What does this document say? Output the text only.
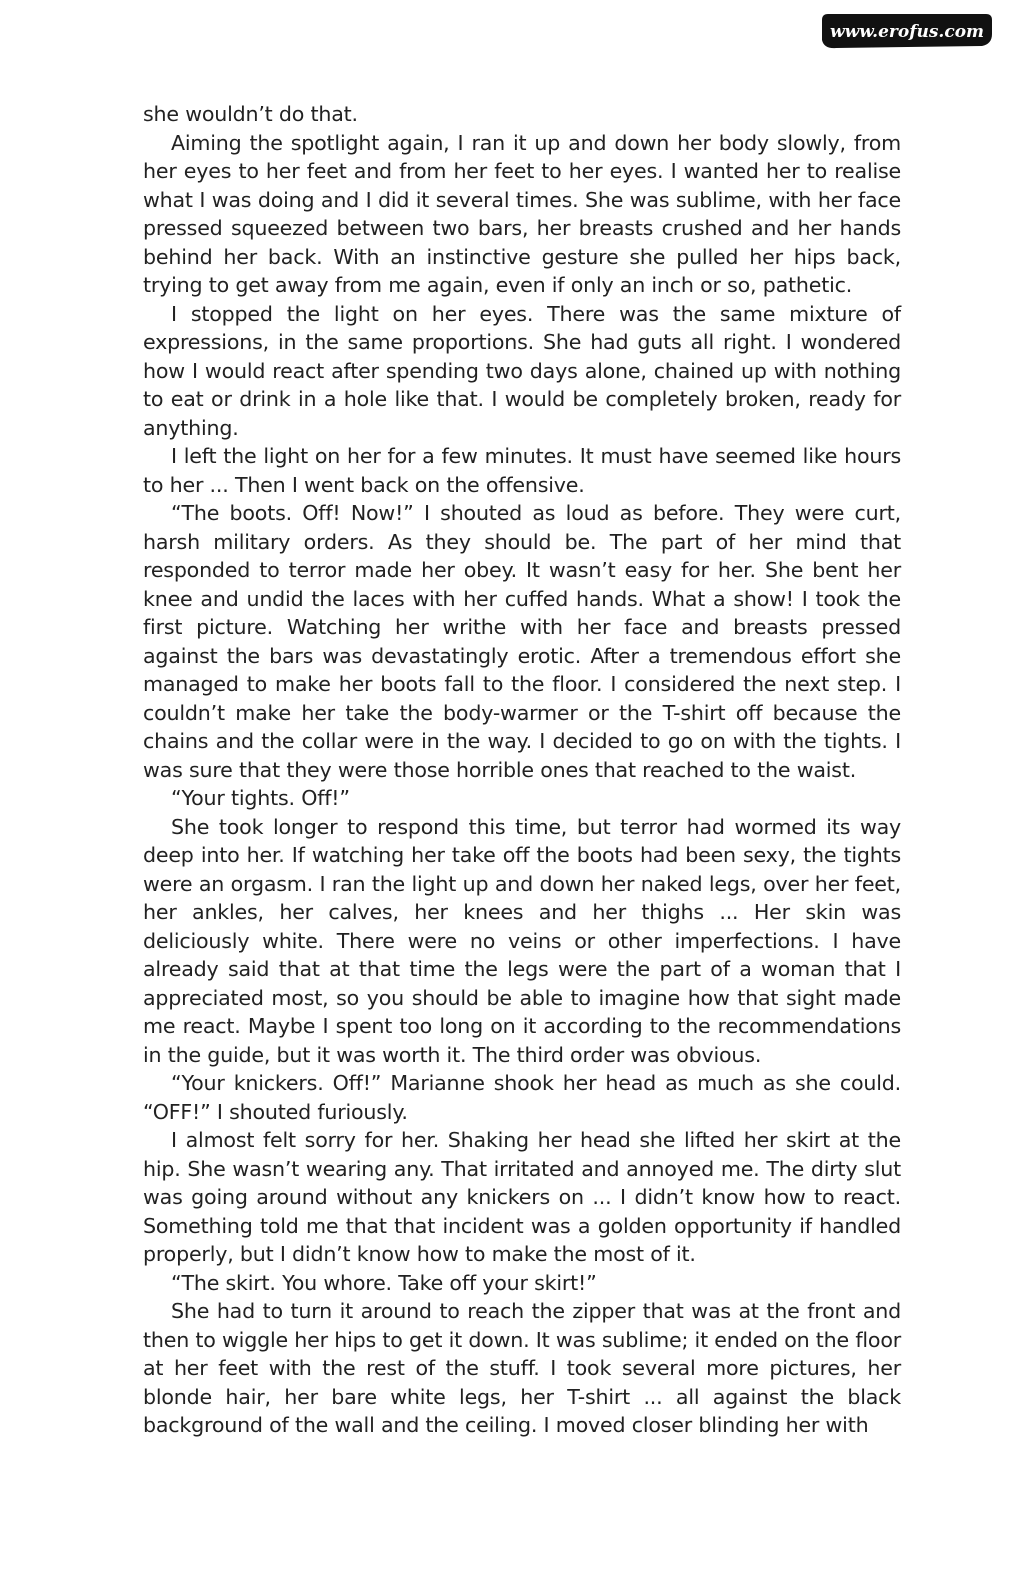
www.erofus.com

she wouldn’t do that.

Aiming the spotlight again, I ran it up and down her body slowly, from her eyes to her feet and from her feet to her eyes. I wanted her to realise what I was doing and I did it several times. She was sublime, with her face pressed squeezed between two bars, her breasts crushed and her hands behind her back. With an instinctive gesture she pulled her hips back, trying to get away from me again, even if only an inch or so, pathetic.

I stopped the light on her eyes. There was the same mixture of expressions, in the same proportions. She had guts all right. I wondered how I would react after spending two days alone, chained up with nothing to eat or drink in a hole like that. I would be completely broken, ready for anything.

I left the light on her for a few minutes. It must have seemed like hours to her ... Then I went back on the offensive.

“The boots. Off! Now!” I shouted as loud as before. They were curt, harsh military orders. As they should be. The part of her mind that responded to terror made her obey. It wasn’t easy for her. She bent her knee and undid the laces with her cuffed hands. What a show! I took the first picture. Watching her writhe with her face and breasts pressed against the bars was devastatingly erotic. After a tremendous effort she managed to make her boots fall to the floor. I considered the next step. I couldn’t make her take the body-warmer or the T-shirt off because the chains and the collar were in the way. I decided to go on with the tights. I was sure that they were those horrible ones that reached to the waist.

“Your tights. Off!”

She took longer to respond this time, but terror had wormed its way deep into her. If watching her take off the boots had been sexy, the tights were an orgasm. I ran the light up and down her naked legs, over her feet, her ankles, her calves, her knees and her thighs ... Her skin was deliciously white. There were no veins or other imperfections. I have already said that at that time the legs were the part of a woman that I appreciated most, so you should be able to imagine how that sight made me react. Maybe I spent too long on it according to the recommendations in the guide, but it was worth it. The third order was obvious.

“Your knickers. Off!” Marianne shook her head as much as she could. “OFF!” I shouted furiously.

I almost felt sorry for her. Shaking her head she lifted her skirt at the hip. She wasn’t wearing any. That irritated and annoyed me. The dirty slut was going around without any knickers on ... I didn’t know how to react. Something told me that that incident was a golden opportunity if handled properly, but I didn’t know how to make the most of it.

“The skirt. You whore. Take off your skirt!”

She had to turn it around to reach the zipper that was at the front and then to wiggle her hips to get it down. It was sublime; it ended on the floor at her feet with the rest of the stuff. I took several more pictures, her blonde hair, her bare white legs, her T-shirt ... all against the black background of the wall and the ceiling. I moved closer blinding her with
